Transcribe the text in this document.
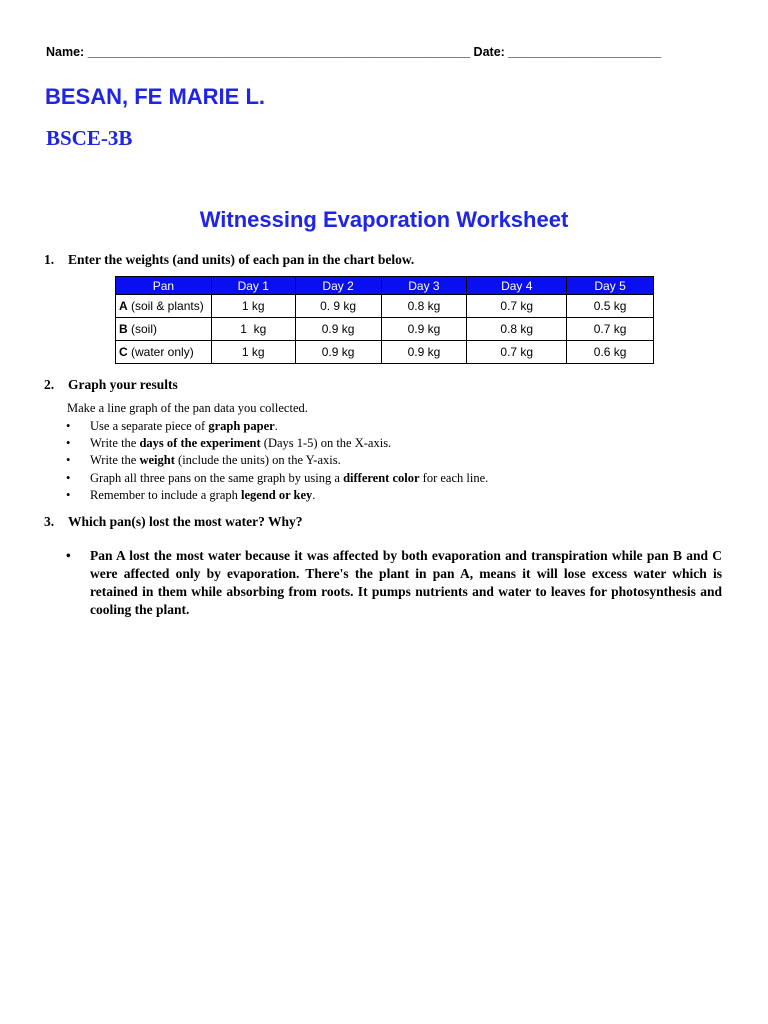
Name: _______________________________________________________ Date: ______________________
BESAN, FE MARIE L.
BSCE-3B
Witnessing Evaporation Worksheet
1. Enter the weights (and units) of each pan in the chart below.
Pan	Day 1	Day 2	Day 3	Day 4	Day 5
A (soil & plants)	1 kg	0. 9 kg	0.8 kg	0.7 kg	0.5 kg
B (soil)	1  kg	0.9 kg	0.9 kg	0.8 kg	0.7 kg
C (water only)	1 kg	0.9 kg	0.9 kg	0.7 kg	0.6 kg
2. Graph your results
Make a line graph of the pan data you collected.
• Use a separate piece of graph paper.
• Write the days of the experiment (Days 1-5) on the X-axis.
• Write the weight (include the units) on the Y-axis.
• Graph all three pans on the same graph by using a different color for each line.
• Remember to include a graph legend or key.
3. Which pan(s) lost the most water? Why?
•	Pan A lost the most water because it was affected by both evaporation and transpiration while pan B and C were affected only by evaporation. There's the plant in pan A, means it will lose excess water which is retained in them while absorbing from roots. It pumps nutrients and water to leaves for photosynthesis and cooling the plant.
